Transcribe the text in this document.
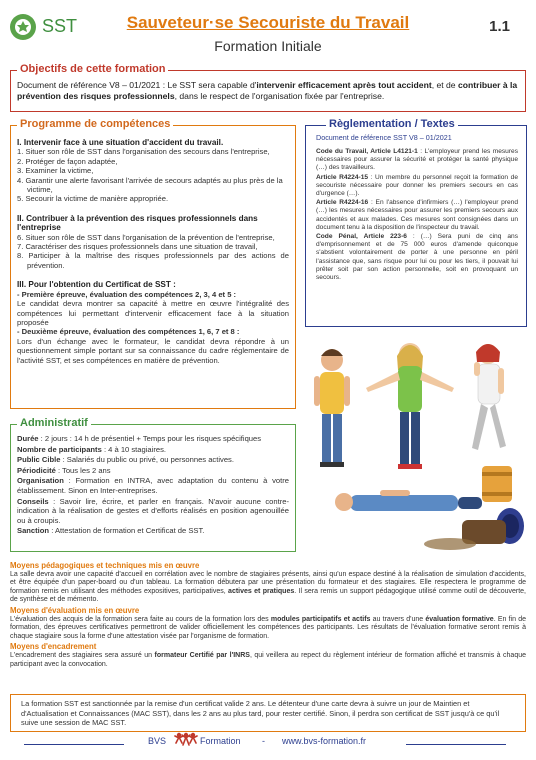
SST	Sauveteur·se Secouriste du Travail
Formation Initiale
1.1
Objectifs de cette formation
Document de référence V8 – 01/2021 : Le SST sera capable d'intervenir efficacement après tout accident, et de contribuer à la prévention des risques professionnels, dans le respect de l'organisation fixée par l'entreprise.
Programme de compétences
I. Intervenir face à une situation d'accident du travail.
1. Situer son rôle de SST dans l'organisation des secours dans l'entreprise,
2. Protéger de façon adaptée,
3. Examiner la victime,
4. Garantir une alerte favorisant l'arrivée de secours adaptés au plus près de la victime,
5. Secourir la victime de manière appropriée.
II. Contribuer à la prévention des risques professionnels dans l'entreprise
6. Situer son rôle de SST dans l'organisation de la prévention de l'entreprise,
7. Caractériser des risques professionnels dans une situation de travail,
8. Participer à la maîtrise des risques professionnels par des actions de prévention.
III. Pour l'obtention du Certificat de SST :

- Première épreuve, évaluation des compétences 2, 3, 4 et 5 :

Le candidat devra montrer sa capacité à mettre en œuvre l'intégralité des compétences lui permettant d'intervenir efficacement face à la situation proposée

- Deuxième épreuve, évaluation des compétences 1, 6, 7 et 8 :

Lors d'un échange avec le formateur, le candidat devra répondre à un questionnement simple portant sur sa connaissance du cadre réglementaire de l'activité SST, et ses compétences en matière de prévention.

Règlementation / Textes
Document de référence SST V8 – 01/2021

Code du Travail, Article L4121-1 : L'employeur prend les mesures nécessaires pour assurer la sécurité et protéger la santé physique (…) des travailleurs.

Article R4224-15 : Un membre du personnel reçoit la formation de secouriste nécessaire pour donner les premiers secours en cas d'urgence (…).

Article R4224-16 : En l'absence d'infirmiers (…) l'employeur prend (…) les mesures nécessaires pour assurer les premiers secours aux accidentés et aux malades. Ces mesures sont consignées dans un document tenu à la disposition de l'inspecteur du travail.

Code Pénal, Article 223-6 : (…) Sera puni de cinq ans d'emprisonnement et de 75 000 euros d'amende quiconque s'abstient volontairement de porter à une personne en péril l'assistance que, sans risque pour lui ou pour les tiers, il pouvait lui prêter soit par son action personnelle, soit en provoquant un secours.

Administratif
Durée : 2 jours : 14 h de présentiel + Temps pour les risques spécifiques
Nombre de participants : 4 à 10 stagiaires.
Public Cible : Salariés du public ou privé, ou personnes actives.
Périodicité : Tous les 2 ans
Organisation : Formation en INTRA, avec adaptation du contenu à votre établissement. Sinon en Inter-entreprises.
Conseils : Savoir lire, écrire, et parler en français. N'avoir aucune contre-indication à la réalisation de gestes et d'efforts réalisés en position agenouillée ou à croupis.
Sanction : Attestation de formation et Certificat de SST.
Moyens pédagogiques et techniques mis en œuvre

La salle devra avoir une capacité d'accueil en corrélation avec le nombre de stagiaires présents, ainsi qu'un espace destiné à la réalisation de simulation d'accidents, et être équipée d'un paper-board ou d'un tableau. La formation débutera par une présentation du formateur et des stagiaires. Elle respectera le programme de formation remis en utilisant des méthodes expositives, participatives, actives et pratiques. Il sera remis un support pédagogique utilisé comme outil de découverte, de synthèse et de mémento.

Moyens d'évaluation mis en œuvre

L'évaluation des acquis de la formation sera faite au cours de la formation lors des modules participatifs et actifs au travers d'une évaluation formative. En fin de formation, des épreuves certificatives permettront de valider officiellement les compétences des participants. Les résultats de l'évaluation formative seront remis à chaque stagiaire sous la forme d'une attestation visée par l'organisme de formation.

Moyens d'encadrement

L'encadrement des stagiaires sera assuré un formateur Certifié par l'INRS, qui veillera au repect du règlement intérieur de formation affiché et transmis à chaque participant avec la convocation.

La formation SST est sanctionnée par la remise d'un certificat valide 2 ans. Le détenteur d'une carte devra à suivre un jour de Maintien et d'Actualisation et Connaissances (MAC SST), dans les 2 ans au plus tard, pour rester certifié. Sinon, il perdra son certificat de SST jusqu'à ce qu'il suive une session de MAC SST.
BVS	Formation - www.bvs-formation.fr
